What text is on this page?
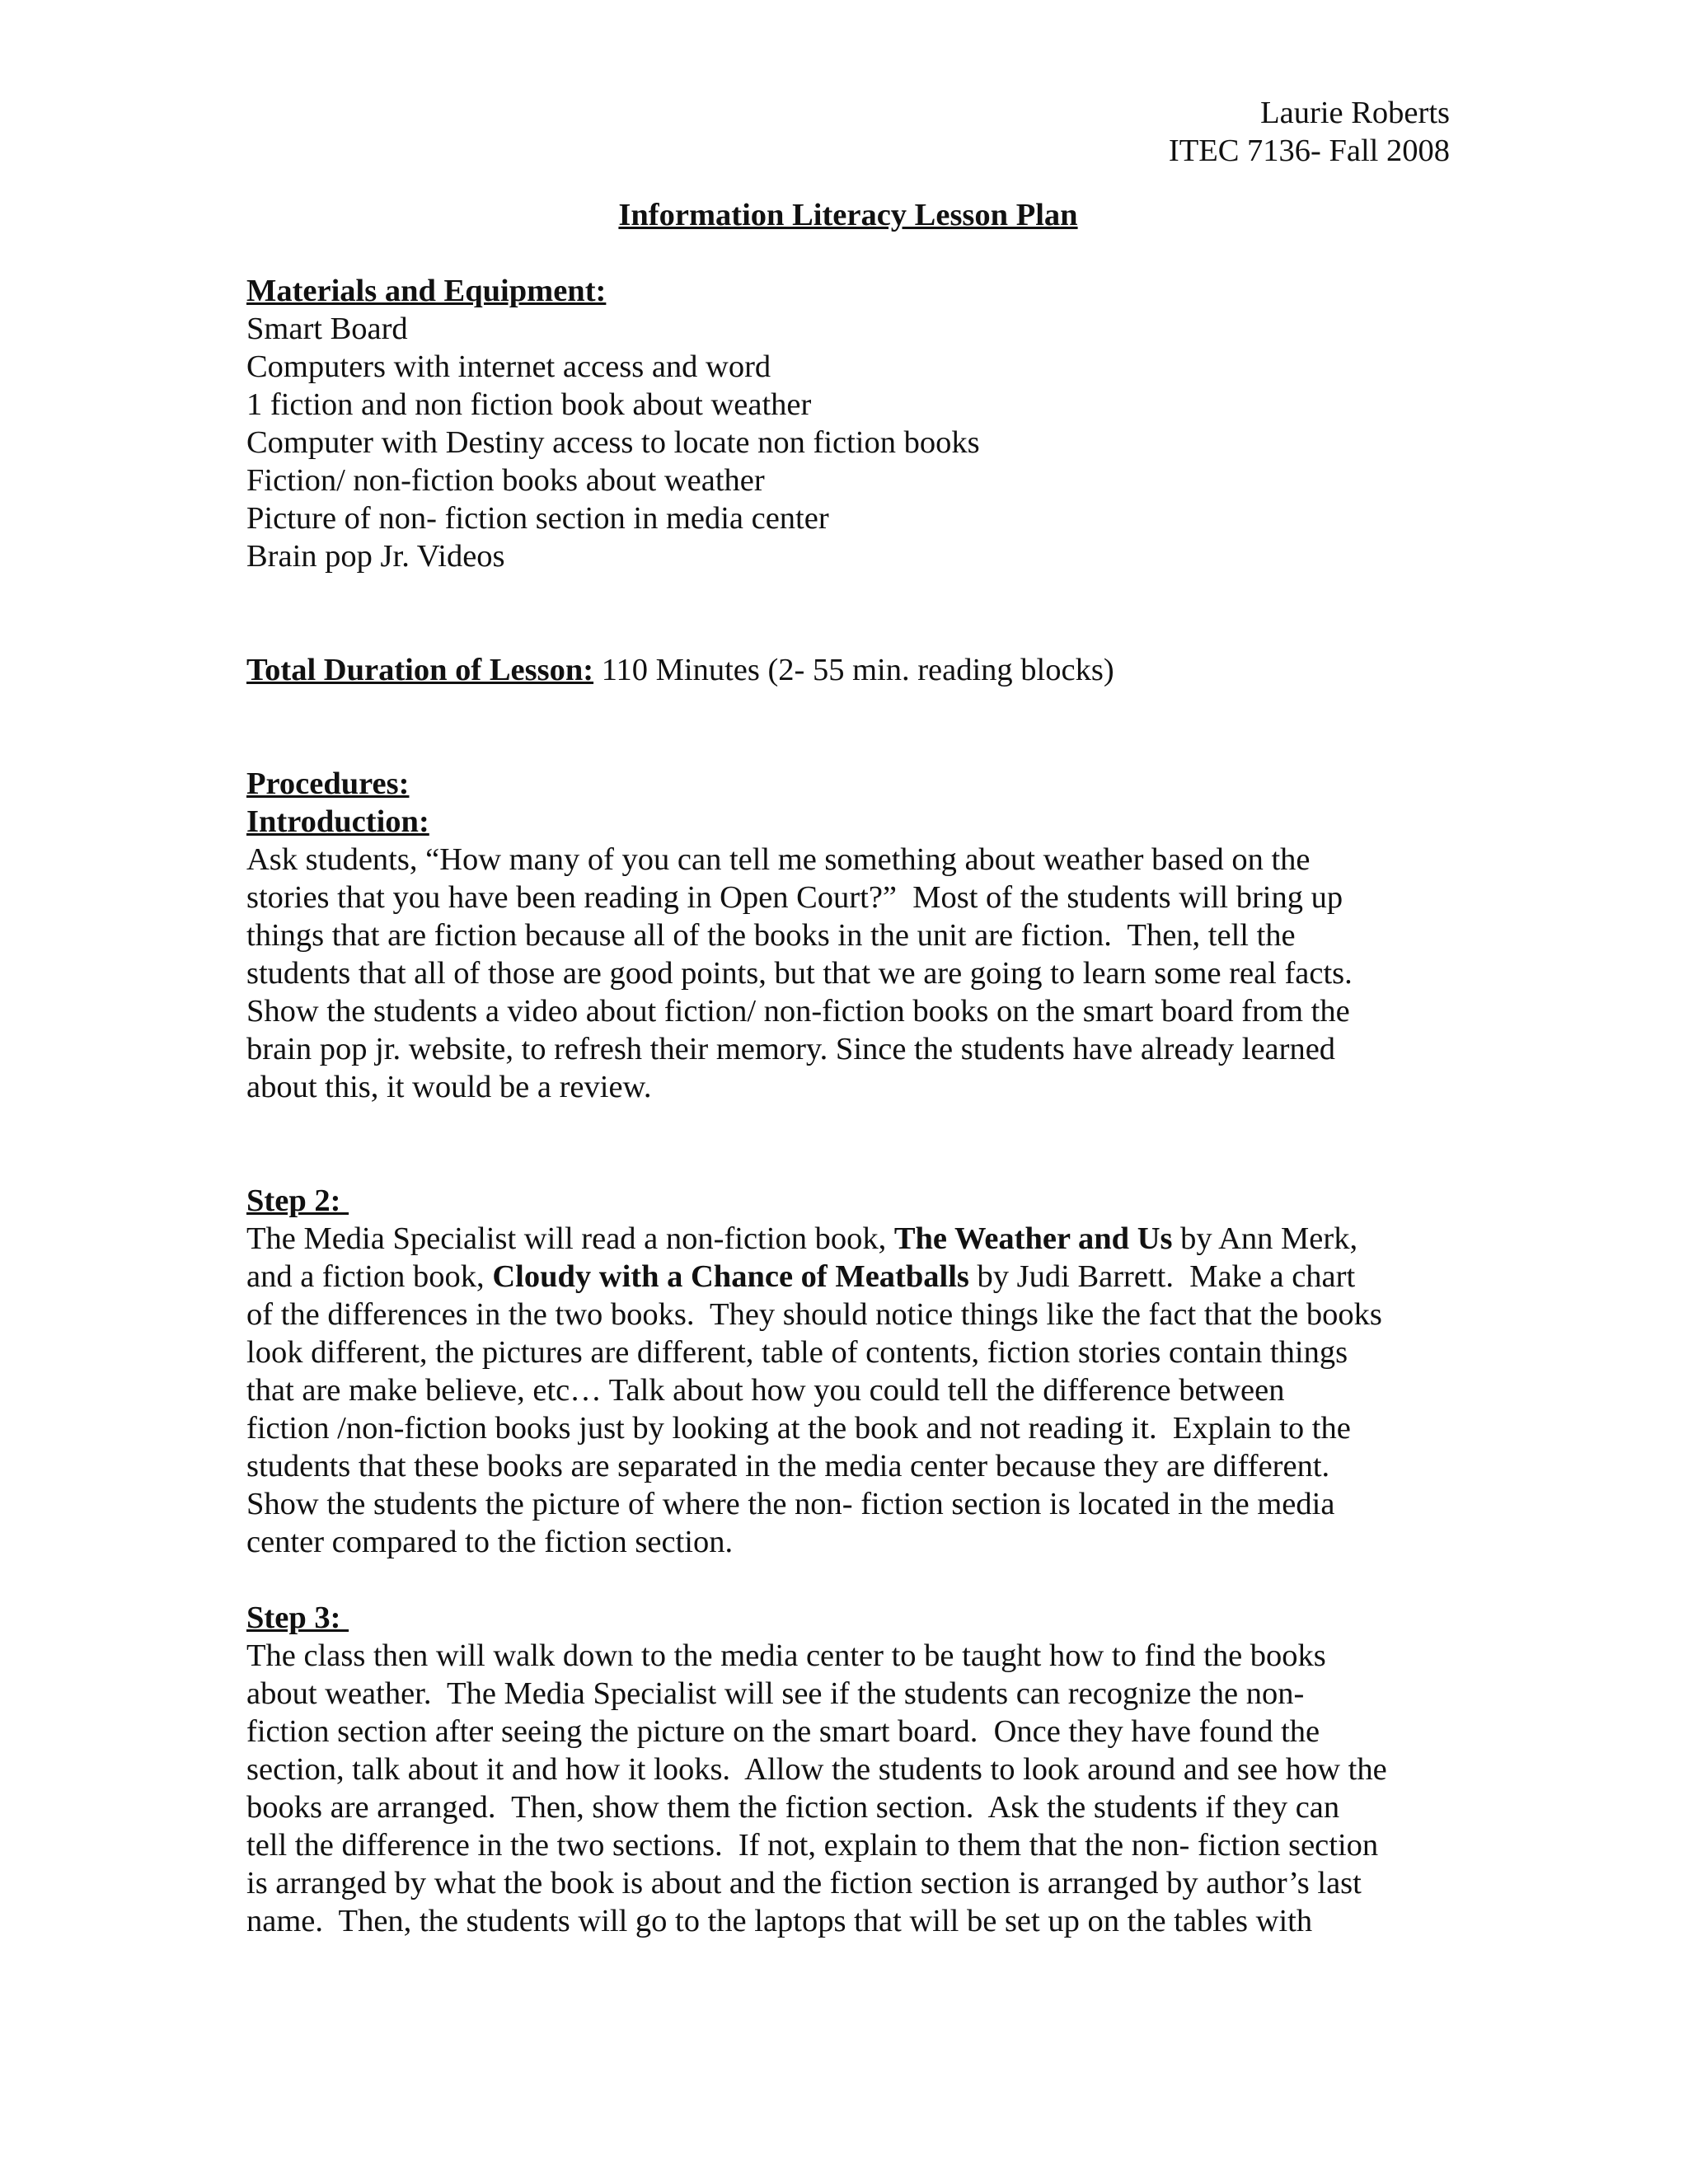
Laurie Roberts
ITEC 7136- Fall 2008
Information Literacy Lesson Plan
Materials and Equipment:
Smart Board
Computers with internet access and word
1 fiction and non fiction book about weather
Computer with Destiny access to locate non fiction books
Fiction/ non-fiction books about weather
Picture of non- fiction section in media center
Brain pop Jr. Videos
Total Duration of Lesson: 110 Minutes (2- 55 min. reading blocks)
Procedures:
Introduction:
Ask students, “How many of you can tell me something about weather based on the
stories that you have been reading in Open Court?”  Most of the students will bring up
things that are fiction because all of the books in the unit are fiction.  Then, tell the
students that all of those are good points, but that we are going to learn some real facts.
Show the students a video about fiction/ non-fiction books on the smart board from the
brain pop jr. website, to refresh their memory. Since the students have already learned
about this, it would be a review.
Step 2:
The Media Specialist will read a non-fiction book, The Weather and Us by Ann Merk,
and a fiction book, Cloudy with a Chance of Meatballs by Judi Barrett.  Make a chart
of the differences in the two books.  They should notice things like the fact that the books
look different, the pictures are different, table of contents, fiction stories contain things
that are make believe, etc… Talk about how you could tell the difference between
fiction /non-fiction books just by looking at the book and not reading it.  Explain to the
students that these books are separated in the media center because they are different.
Show the students the picture of where the non- fiction section is located in the media
center compared to the fiction section.
Step 3:
The class then will walk down to the media center to be taught how to find the books
about weather.  The Media Specialist will see if the students can recognize the non-
fiction section after seeing the picture on the smart board.  Once they have found the
section, talk about it and how it looks.  Allow the students to look around and see how the
books are arranged.  Then, show them the fiction section.  Ask the students if they can
tell the difference in the two sections.  If not, explain to them that the non- fiction section
is arranged by what the book is about and the fiction section is arranged by author’s last
name.  Then, the students will go to the laptops that will be set up on the tables with
